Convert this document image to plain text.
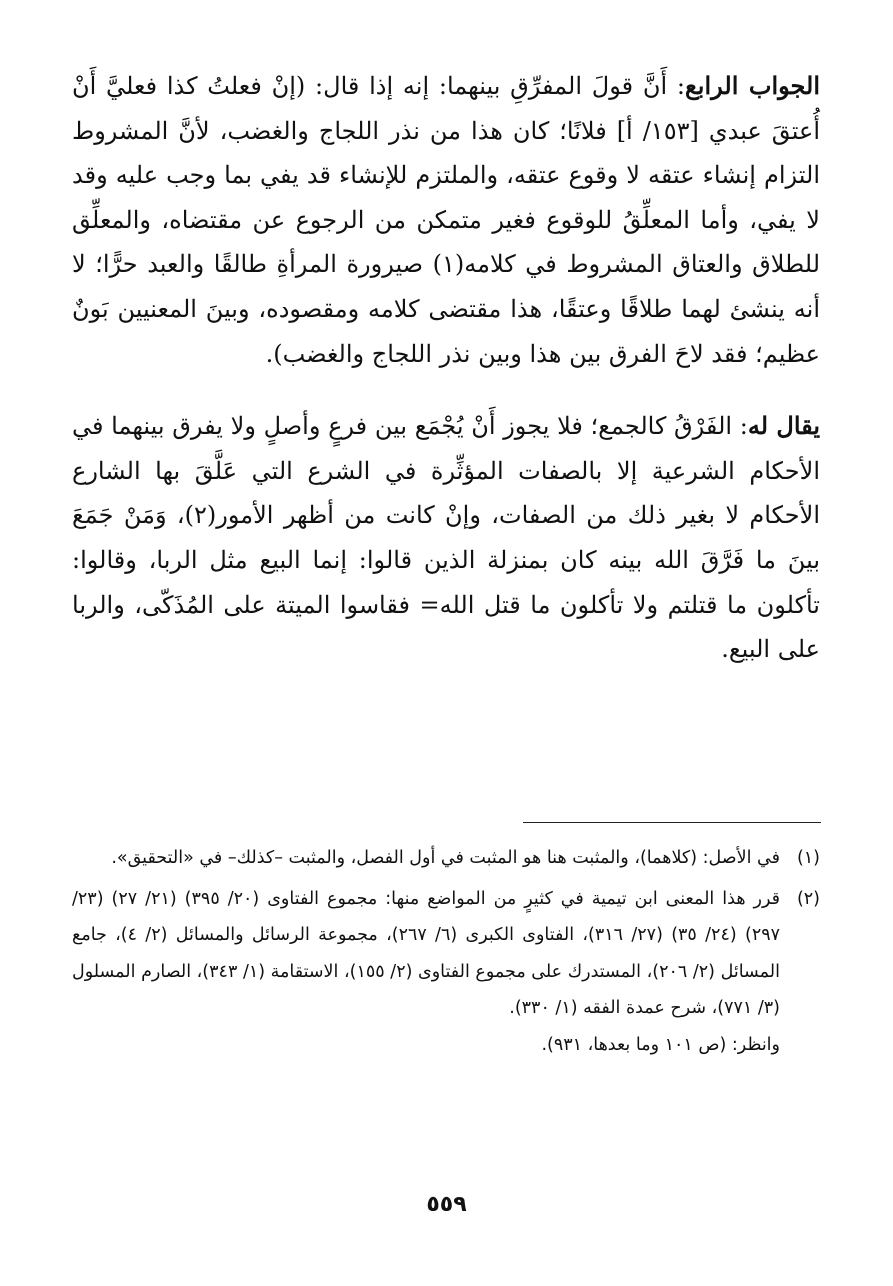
الجواب الرابع: أَنَّ قولَ المفرِّقِ بينهما: إنه إذا قال: (إنْ فعلتُ كذا فعليَّ أَنْ أُعتقَ عبدي [١٥٣/ أ] فلانًا؛ كان هذا من نذر اللجاج والغضب، لأنَّ المشروط التزام إنشاء عتقه لا وقوع عتقه، والملتزم للإنشاء قد يفي بما وجب عليه وقد لا يفي، وأما المعلِّقُ للوقوع فغير متمكن من الرجوع عن مقتضاه، والمعلِّق للطلاق والعتاق المشروط في كلامه(١) صيرورة المرأةِ طالقًا والعبد حرًّا؛ لا أنه ينشئ لهما طلاقًا وعتقًا، هذا مقتضى كلامه ومقصوده، وبينَ المعنيين بَونٌ عظيم؛ فقد لاحَ الفرق بين هذا وبين نذر اللجاج والغضب).

يقال له: الفَرْقُ كالجمع؛ فلا يجوز أَنْ يُجْمَع بين فرعٍ وأصلٍ ولا يفرق بينهما في الأحكام الشرعية إلا بالصفات المؤثِّرة في الشرع التي عَلَّقَ بها الشارع الأحكام لا بغير ذلك من الصفات، وإنْ كانت من أظهر الأمور(٢)، وَمَنْ جَمَعَ بينَ ما فَرَّقَ الله بينه كان بمنزلة الذين قالوا: إنما البيع مثل الربا، وقالوا: تأكلون ما قتلتم ولا تأكلون ما قتل الله= فقاسوا الميتة على المُذَكّى، والربا على البيع.

(١)
في الأصل: (كلاهما)، والمثبت هنا هو المثبت في أول الفصل، والمثبت –كذلك– في «التحقيق».
(٢)
قرر هذا المعنى ابن تيمية في كثيرٍ من المواضع منها: مجموع الفتاوى (٢٠/ ٣٩٥) (٢١/ ٢٧) (٢٣/ ٢٩٧) (٢٤/ ٣٥) (٢٧/ ٣١٦)، الفتاوى الكبرى (٦/ ٢٦٧)، مجموعة الرسائل والمسائل (٢/ ٤)، جامع المسائل (٢/ ٢٠٦)، المستدرك على مجموع الفتاوى (٢/ ١٥٥)، الاستقامة (١/ ٣٤٣)، الصارم المسلول (٣/ ٧٧١)، شرح عمدة الفقه (١/ ٣٣٠).
وانظر: (ص ١٠١ وما بعدها، ٩٣١).
٥٥٩
